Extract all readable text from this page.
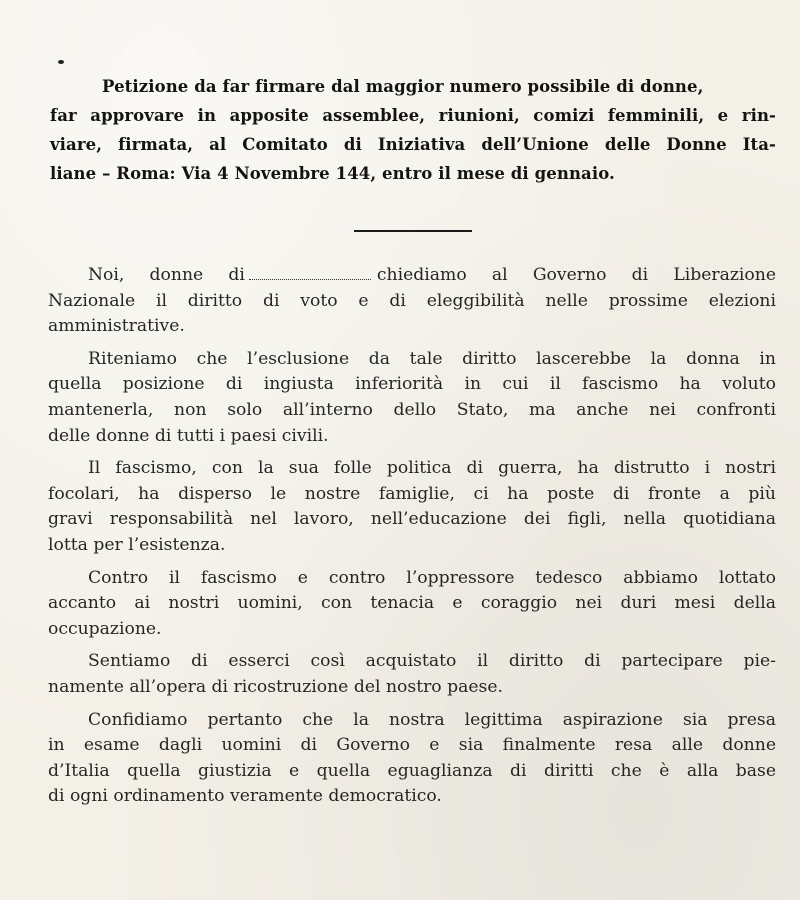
Petizione da far firmare dal maggior numero possibile di donne,
far approvare in apposite assemblee, riunioni, comizi femminili, e rin-
viare, firmata, al Comitato di Iniziativa dell’Unione delle Donne Ita-
liane – Roma: Via 4 Novembre 144, entro il mese di gennaio.
Noi, donne di	chiediamo al Governo di Liberazione
Nazionale il diritto di voto e di eleggibilità nelle prossime elezioni
amministrative.
Riteniamo che l’esclusione da tale diritto lascerebbe la donna in
quella posizione di ingiusta inferiorità in cui il fascismo ha voluto
mantenerla, non solo all’interno dello Stato, ma anche nei confronti
delle donne di tutti i paesi civili.
Il fascismo, con la sua folle politica di guerra, ha distrutto i nostri
focolari, ha disperso le nostre famiglie, ci ha poste di fronte a più
gravi responsabilità nel lavoro, nell’educazione dei figli, nella quotidiana
lotta per l’esistenza.
Contro il fascismo e contro l’oppressore tedesco abbiamo lottato
accanto ai nostri uomini, con tenacia e coraggio nei duri mesi della
occupazione.
Sentiamo di esserci così acquistato il diritto di partecipare pie-
namente all’opera di ricostruzione del nostro paese.
Confidiamo pertanto che la nostra legittima aspirazione sia presa
in esame dagli uomini di Governo e sia finalmente resa alle donne
d’Italia quella giustizia e quella eguaglianza di diritti che è alla base
di ogni ordinamento veramente democratico.
